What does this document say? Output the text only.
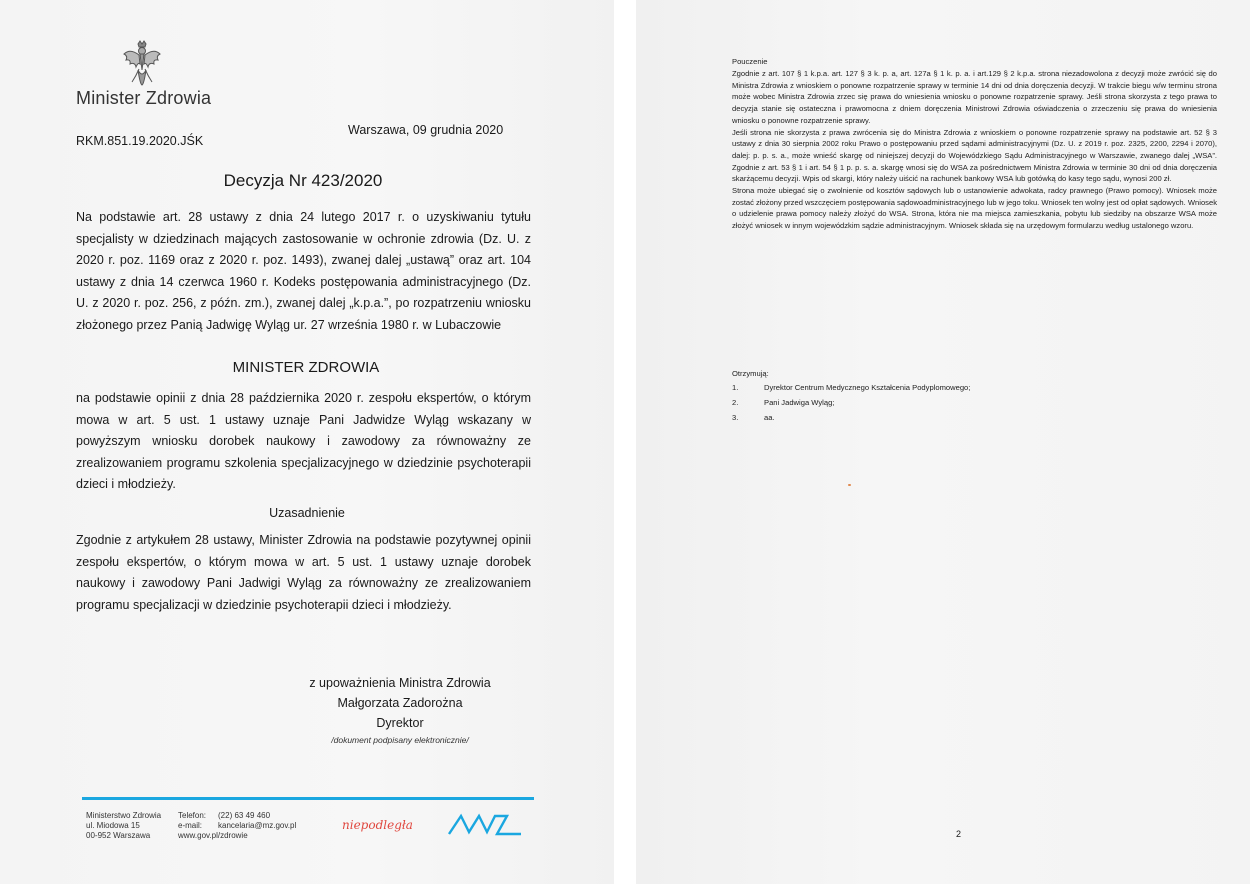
Minister Zdrowia
Warszawa, 09 grudnia 2020
RKM.851.19.2020.JŚK
Decyzja Nr 423/2020
Na podstawie art. 28 ustawy z dnia 24 lutego 2017 r. o uzyskiwaniu tytułu specjalisty w dziedzinach mających zastosowanie w ochronie zdrowia (Dz. U. z 2020 r. poz. 1169 oraz z 2020 r. poz. 1493), zwanej dalej „ustawą” oraz art. 104 ustawy z dnia 14 czerwca 1960 r. Kodeks postępowania administracyjnego (Dz. U. z 2020 r. poz. 256, z późn. zm.), zwanej dalej „k.p.a.”, po rozpatrzeniu wniosku złożonego przez Panią Jadwigę Wyląg ur. 27 września 1980 r. w Lubaczowie
MINISTER ZDROWIA
na podstawie opinii z dnia 28 października 2020 r. zespołu ekspertów, o którym mowa w art. 5 ust. 1 ustawy uznaje Pani Jadwidze Wyląg wskazany w powyższym wniosku dorobek naukowy i zawodowy za równoważny ze zrealizowaniem programu szkolenia specjalizacyjnego w dziedzinie psychoterapii dzieci i młodzieży.
Uzasadnienie
Zgodnie z artykułem 28 ustawy, Minister Zdrowia na podstawie pozytywnej opinii zespołu ekspertów, o którym mowa w art. 5 ust. 1 ustawy uznaje dorobek naukowy i zawodowy Pani Jadwigi Wyląg za równoważny ze zrealizowaniem programu specjalizacji w dziedzinie psychoterapii dzieci i młodzieży.
z upoważnienia Ministra Zdrowia
Małgorzata Zadorożna
Dyrektor
/dokument podpisany elektronicznie/
Ministerstwo Zdrowia
ul. Miodowa 15
00-952 Warszawa
Telefon: (22) 63 49 460
e-mail: kancelaria@mz.gov.pl
www.gov.pl/zdrowie
niepodległa
Pouczenie
Zgodnie z art. 107 § 1 k.p.a. art. 127 § 3 k. p. a, art. 127a § 1 k. p. a. i art.129 § 2 k.p.a. strona niezadowolona z decyzji może zwrócić się do Ministra Zdrowia z wnioskiem o ponowne rozpatrzenie sprawy w terminie 14 dni od dnia doręczenia decyzji. W trakcie biegu w/w terminu strona może wobec Ministra Zdrowia zrzec się prawa do wniesienia wniosku o ponowne rozpatrzenie sprawy. Jeśli strona skorzysta z tego prawa to decyzja stanie się ostateczna i prawomocna z dniem doręczenia Ministrowi Zdrowia oświadczenia o zrzeczeniu się prawa do wniesienia wniosku o ponowne rozpatrzenie sprawy.
Jeśli strona nie skorzysta z prawa zwrócenia się do Ministra Zdrowia z wnioskiem o ponowne rozpatrzenie sprawy na podstawie art. 52 § 3 ustawy z dnia 30 sierpnia 2002 roku Prawo o postępowaniu przed sądami administracyjnymi (Dz. U. z 2019 r. poz. 2325, 2200, 2294 i 2070), dalej: p. p. s. a., może wnieść skargę od niniejszej decyzji do Wojewódzkiego Sądu Administracyjnego w Warszawie, zwanego dalej „WSA”. Zgodnie z art. 53 § 1 i art. 54 § 1 p. p. s. a. skargę wnosi się do WSA za pośrednictwem Ministra Zdrowia w terminie 30 dni od dnia doręczenia skarżącemu decyzji. Wpis od skargi, który należy uiścić na rachunek bankowy WSA lub gotówką do kasy tego sądu, wynosi 200 zł.
Strona może ubiegać się o zwolnienie od kosztów sądowych lub o ustanowienie adwokata, radcy prawnego (Prawo pomocy). Wniosek może zostać złożony przed wszczęciem postępowania sądowoadministracyjnego lub w jego toku. Wniosek ten wolny jest od opłat sądowych. Wniosek o udzielenie prawa pomocy należy złożyć do WSA. Strona, która nie ma miejsca zamieszkania, pobytu lub siedziby na obszarze WSA może złożyć wniosek w innym wojewódzkim sądzie administracyjnym. Wniosek składa się na urzędowym formularzu według ustalonego wzoru.
Otrzymują:
1.	Dyrektor Centrum Medycznego Kształcenia Podyplomowego;
2.	Pani Jadwiga Wyląg;
3.	aa.
2
